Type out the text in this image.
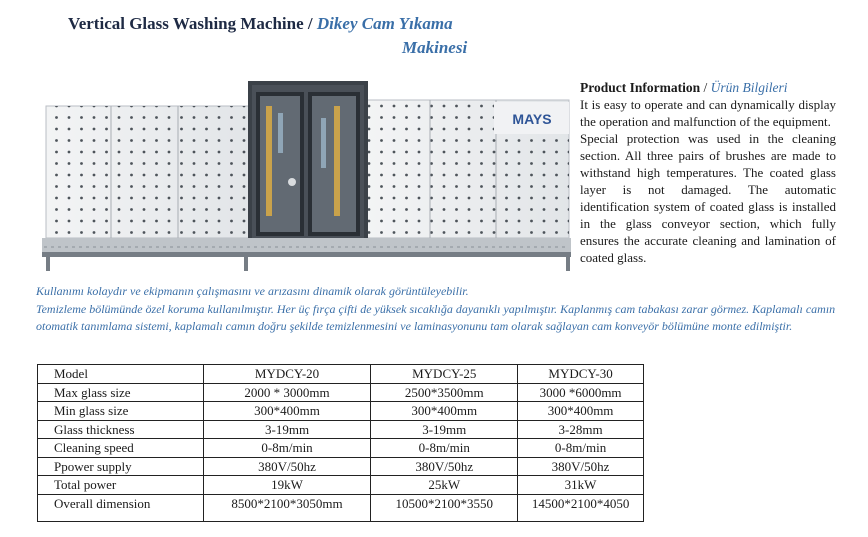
Vertical Glass Washing Machine / Dikey Cam Yıkama
Makinesi
MAYS
Product Information / Ürün Bilgileri

It is easy to operate and can dynamically display the operation and malfunction of the equipment.

Special protection was used in the cleaning section. All three pairs of brushes are made to withstand high temperatures. The coated glass layer is not damaged. The automatic identification system of coated glass is installed in the glass conveyor section, which fully ensures the accurate cleaning and lamination of coated glass.

Kullanımı kolaydır ve ekipmanın çalışmasını ve arızasını dinamik olarak görüntüleyebilir.

Temizleme bölümünde özel koruma kullanılmıştır. Her üç fırça çifti de yüksek sıcaklığa dayanıklı yapılmıştır. Kaplanmış cam tabakası zarar görmez. Kaplamalı camın otomatik tanımlama sistemi, kaplamalı camın doğru şekilde temizlenmesini ve laminasyonunu tam olarak sağlayan cam konveyör bölümüne monte edilmiştir.

Model	MYDCY-20	MYDCY-25	MYDCY-30
Max glass size	2000 * 3000mm	2500*3500mm	3000 *6000mm
Min glass size	300*400mm	300*400mm	300*400mm
Glass thickness	3-19mm	3-19mm	3-28mm
Cleaning speed	0-8m/min	0-8m/min	0-8m/min
Ppower supply	380V/50hz	380V/50hz	380V/50hz
Total power	19kW	25kW	31kW
Overall dimension	8500*2100*3050mm	10500*2100*3550	14500*2100*4050
